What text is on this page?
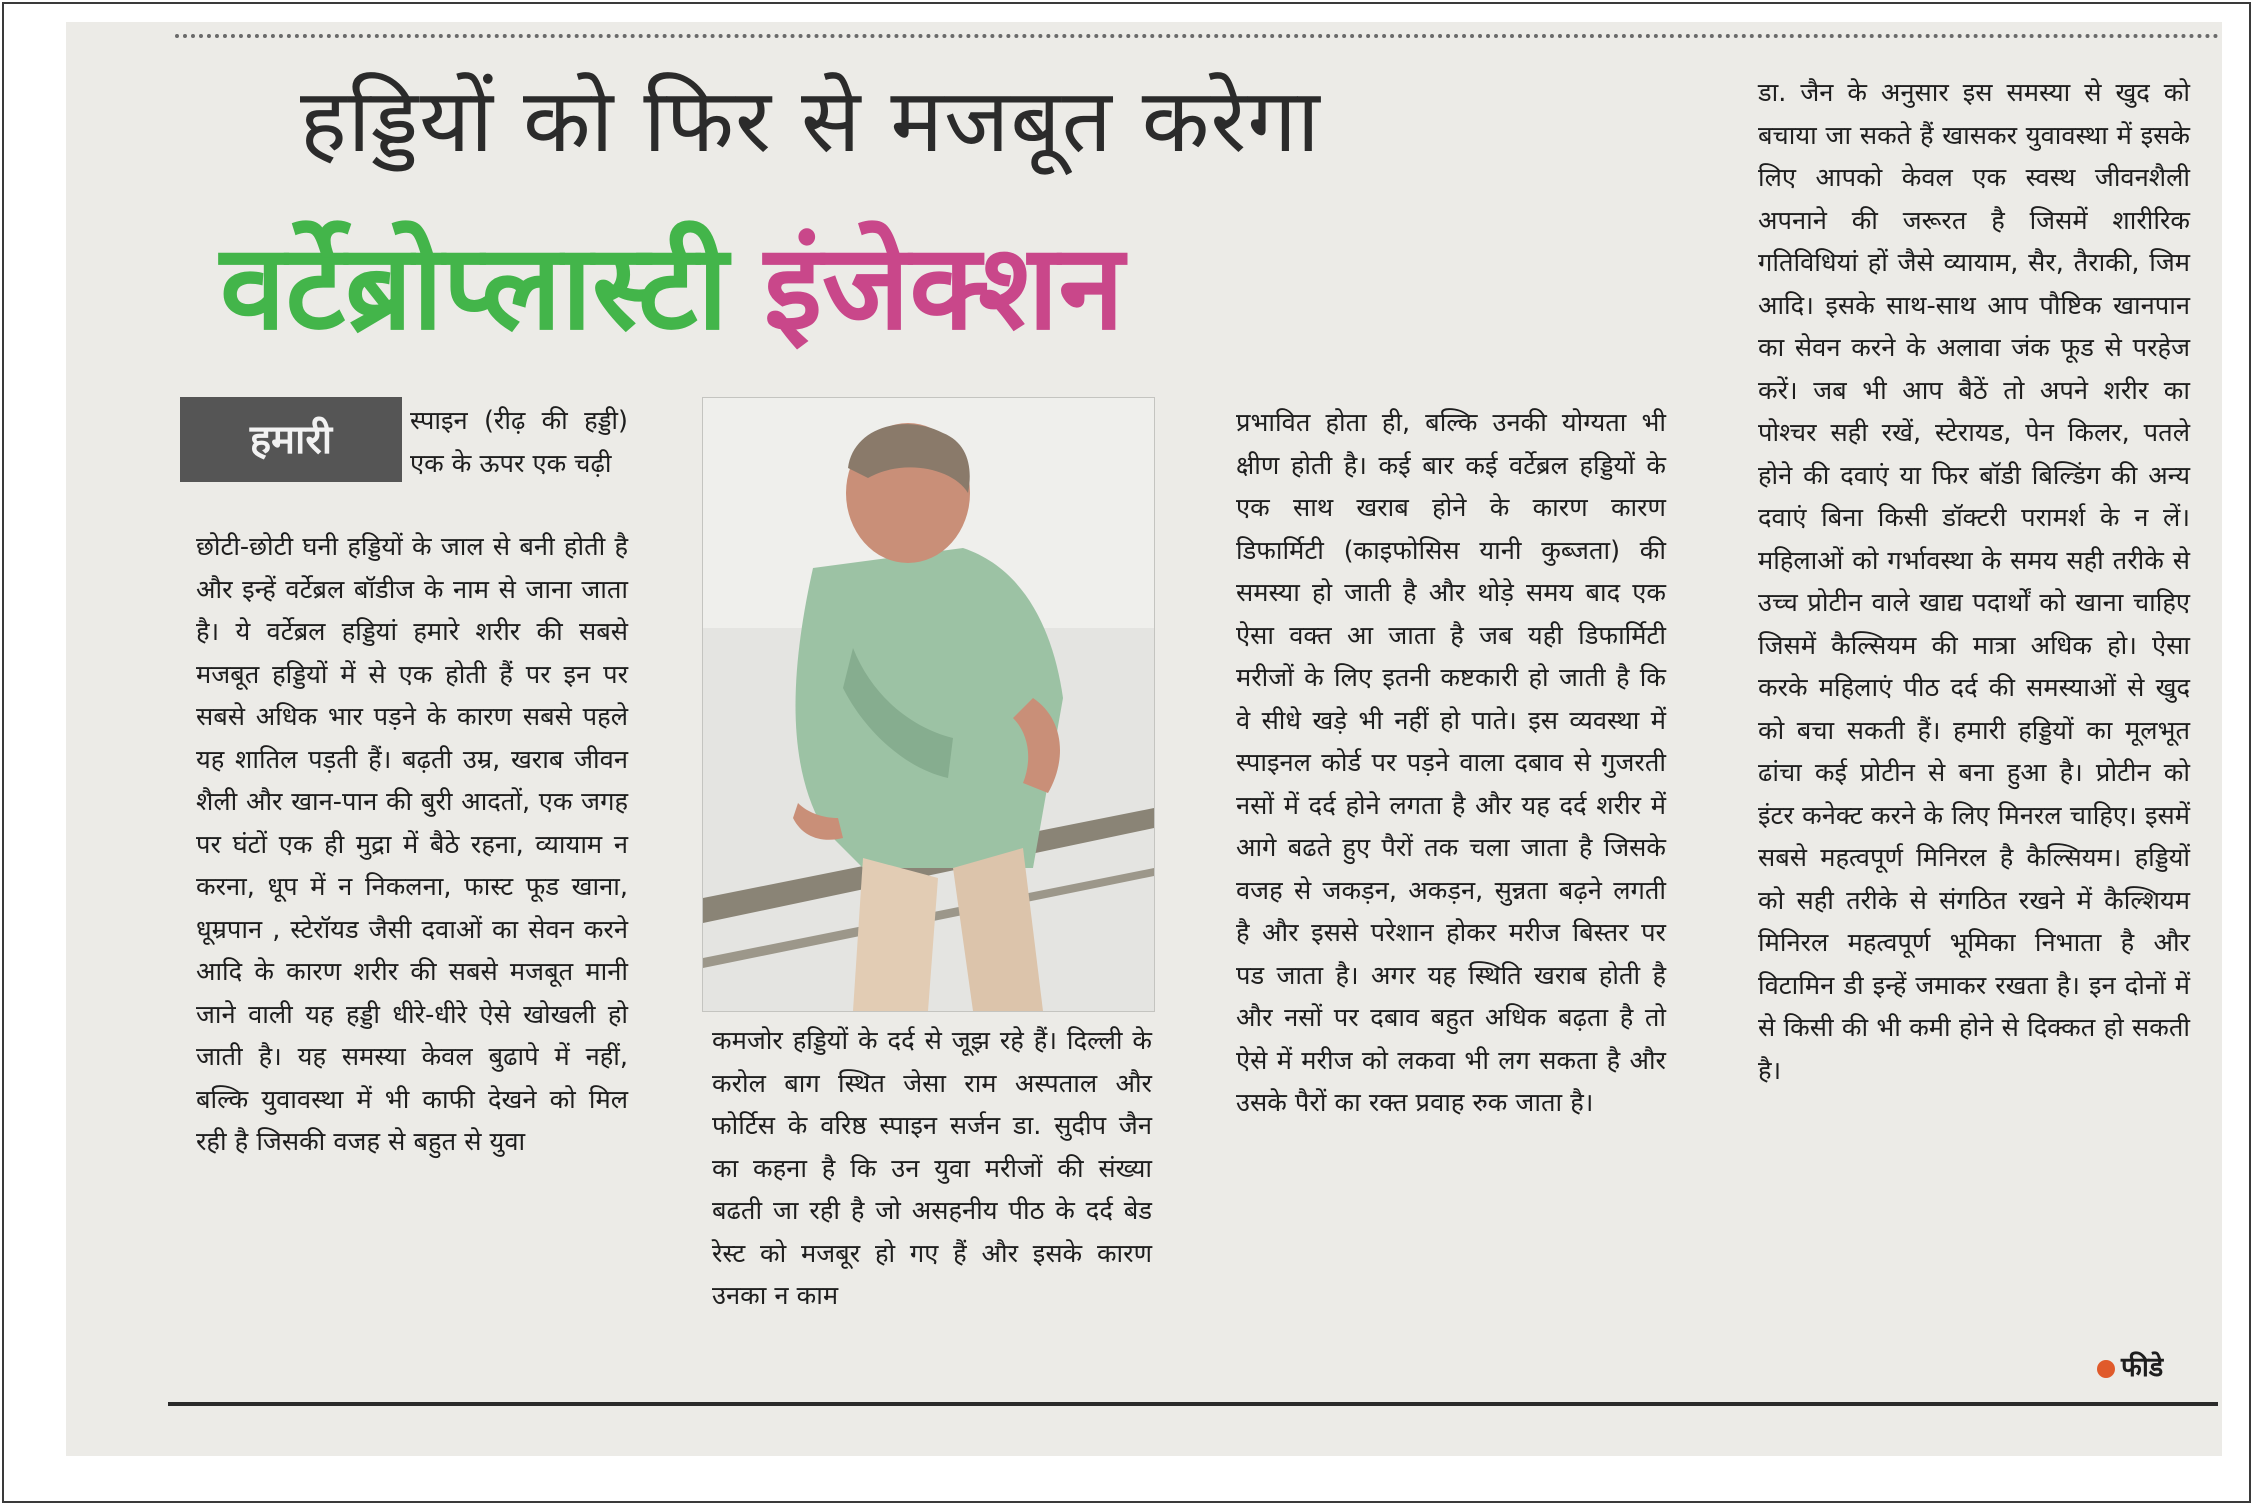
हड्डियों को फिर से मजबूत करेगा
वर्टेब्रोप्लास्टी इंजेक्शन
हमारी	स्पाइन (रीढ़ की हड्डी) एक के ऊपर एक चढ़ी
छोटी-छोटी घनी हड्डियों के जाल से बनी होती है और इन्हें वर्टेब्रल बॉडीज के नाम से जाना जाता है। ये वर्टेब्रल हड्डियां हमारे शरीर की सबसे मजबूत हड्डियों में से एक होती हैं पर इन पर सबसे अधिक भार पड़ने के कारण सबसे पहले यह शातिल पड़ती हैं। बढ़ती उम्र, खराब जीवन शैली और खान-पान की बुरी आदतों, एक जगह पर घंटों एक ही मुद्रा में बैठे रहना, व्यायाम न करना, धूप में न निकलना, फास्ट फूड खाना, धूम्रपान , स्टेरॉयड जैसी दवाओं का सेवन करने आदि के कारण शरीर की सबसे मजबूत मानी जाने वाली यह हड्डी धीरे-धीरे ऐसे खोखली हो जाती है। यह समस्या केवल बुढापे में नहीं, बल्कि युवावस्था में भी काफी देखने को मिल रही है जिसकी वजह से बहुत से युवा
कमजोर हड्डियों के दर्द से जूझ रहे हैं। दिल्ली के करोल बाग स्थित जेसा राम अस्पताल और फोर्टिस के वरिष्ठ स्पाइन सर्जन डा. सुदीप जैन का कहना है कि उन युवा मरीजों की संख्या बढती जा रही है जो असहनीय पीठ के दर्द बेड रेस्ट को मजबूर हो गए हैं और इसके कारण उनका न काम
प्रभावित होता ही, बल्कि उनकी योग्यता भी क्षीण होती है। कई बार कई वर्टेब्रल हड्डियों के एक साथ खराब होने के कारण कारण डिफार्मिटी (काइफोसिस यानी कुब्जता) की समस्या हो जाती है और थोड़े समय बाद एक ऐसा वक्त आ जाता है जब यही डिफार्मिटी मरीजों के लिए इतनी कष्टकारी हो जाती है कि वे सीधे खड़े भी नहीं हो पाते। इस व्यवस्था में स्पाइनल कोर्ड पर पड़ने वाला दबाव से गुजरती नसों में दर्द होने लगता है और यह दर्द शरीर में आगे बढते हुए पैरों तक चला जाता है जिसके वजह से जकड़न, अकड़न, सुन्नता बढ़ने लगती है और इससे परेशान होकर मरीज बिस्तर पर पड जाता है। अगर यह स्थिति खराब होती है और नसों पर दबाव बहुत अधिक बढ़ता है तो ऐसे में मरीज को लकवा भी लग सकता है और उसके पैरों का रक्त प्रवाह रुक जाता है।
डा. जैन के अनुसार इस समस्या से खुद को बचाया जा सकते हैं खासकर युवावस्था में इसके लिए आपको केवल एक स्वस्थ जीवनशैली अपनाने की जरूरत है जिसमें शारीरिक गतिविधियां हों जैसे व्यायाम, सैर, तैराकी, जिम आदि। इसके साथ-साथ आप पौष्टिक खानपान का सेवन करने के अलावा जंक फूड से परहेज करें। जब भी आप बैठें तो अपने शरीर का पोश्चर सही रखें, स्टेरायड, पेन किलर, पतले होने की दवाएं या फिर बॉडी बिल्डिंग की अन्य दवाएं बिना किसी डॉक्टरी परामर्श के न लें। महिलाओं को गर्भावस्था के समय सही तरीके से उच्च प्रोटीन वाले खाद्य पदार्थों को खाना चाहिए जिसमें कैल्सियम की मात्रा अधिक हो। ऐसा करके महिलाएं पीठ दर्द की समस्याओं से खुद को बचा सकती हैं। हमारी हड्डियों का मूलभूत ढांचा कई प्रोटीन से बना हुआ है। प्रोटीन को इंटर कनेक्ट करने के लिए मिनरल चाहिए। इसमें सबसे महत्वपूर्ण मिनिरल है कैल्सियम। हड्डियों को सही तरीके से संगठित रखने में कैल्शियम मिनिरल महत्वपूर्ण भूमिका निभाता है और विटामिन डी इन्हें जमाकर रखता है। इन दोनों में से किसी की भी कमी होने से दिक्कत हो सकती है।
फीडे
